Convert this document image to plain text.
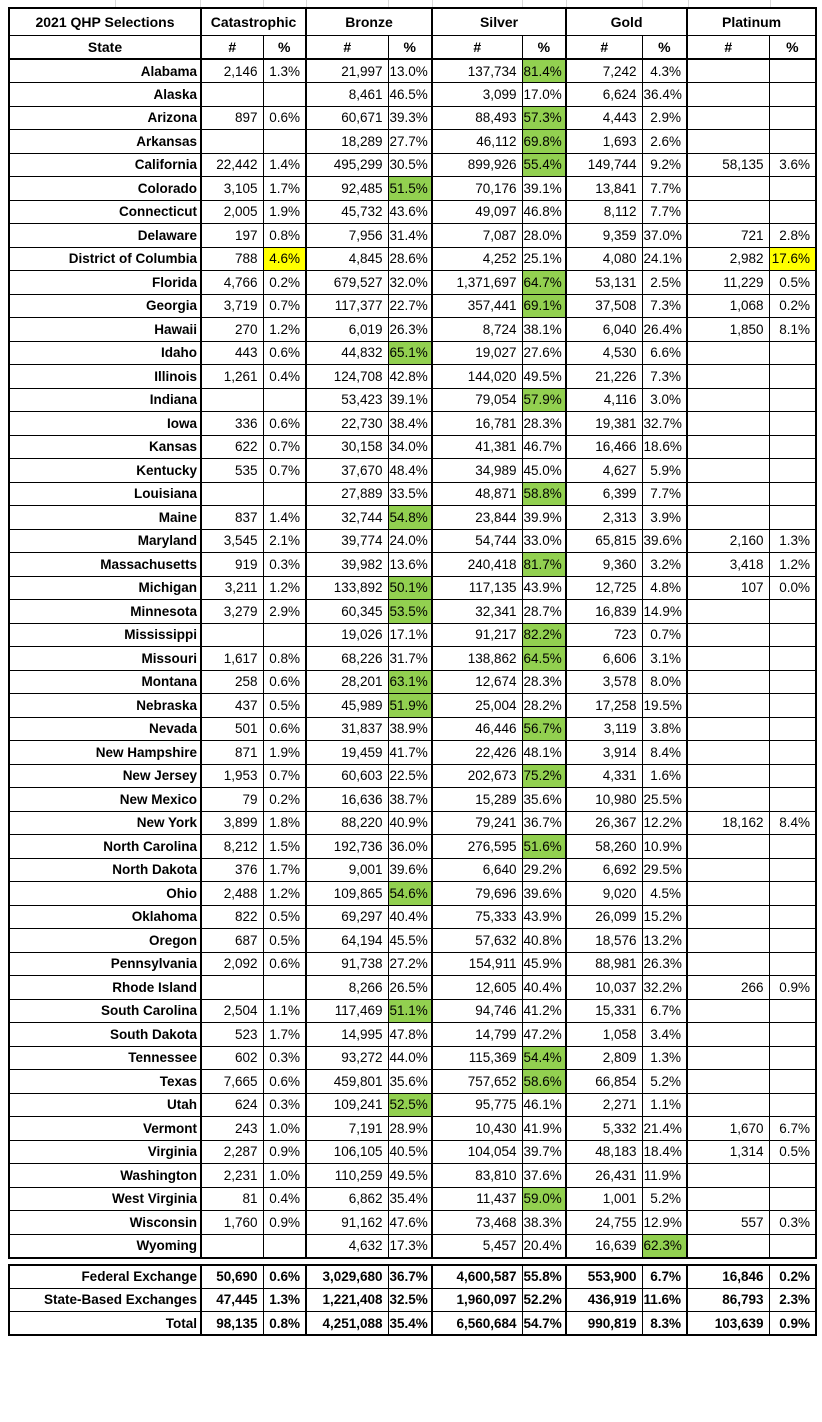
2021 QHP Selections	Catastrophic		Bronze		Silver		Gold		Platinum	
State	#	%	#	%	#	%	#	%	#	%
Alabama	2,146	1.3%	21,997	13.0%	137,734	81.4%	7,242	4.3%		
Alaska			8,461	46.5%	3,099	17.0%	6,624	36.4%		
Arizona	897	0.6%	60,671	39.3%	88,493	57.3%	4,443	2.9%		
Arkansas			18,289	27.7%	46,112	69.8%	1,693	2.6%		
California	22,442	1.4%	495,299	30.5%	899,926	55.4%	149,744	9.2%	58,135	3.6%
Colorado	3,105	1.7%	92,485	51.5%	70,176	39.1%	13,841	7.7%		
Connecticut	2,005	1.9%	45,732	43.6%	49,097	46.8%	8,112	7.7%		
Delaware	197	0.8%	7,956	31.4%	7,087	28.0%	9,359	37.0%	721	2.8%
District of Columbia	788	4.6%	4,845	28.6%	4,252	25.1%	4,080	24.1%	2,982	17.6%
Florida	4,766	0.2%	679,527	32.0%	1,371,697	64.7%	53,131	2.5%	11,229	0.5%
Georgia	3,719	0.7%	117,377	22.7%	357,441	69.1%	37,508	7.3%	1,068	0.2%
Hawaii	270	1.2%	6,019	26.3%	8,724	38.1%	6,040	26.4%	1,850	8.1%
Idaho	443	0.6%	44,832	65.1%	19,027	27.6%	4,530	6.6%		
Illinois	1,261	0.4%	124,708	42.8%	144,020	49.5%	21,226	7.3%		
Indiana			53,423	39.1%	79,054	57.9%	4,116	3.0%		
Iowa	336	0.6%	22,730	38.4%	16,781	28.3%	19,381	32.7%		
Kansas	622	0.7%	30,158	34.0%	41,381	46.7%	16,466	18.6%		
Kentucky	535	0.7%	37,670	48.4%	34,989	45.0%	4,627	5.9%		
Louisiana			27,889	33.5%	48,871	58.8%	6,399	7.7%		
Maine	837	1.4%	32,744	54.8%	23,844	39.9%	2,313	3.9%		
Maryland	3,545	2.1%	39,774	24.0%	54,744	33.0%	65,815	39.6%	2,160	1.3%
Massachusetts	919	0.3%	39,982	13.6%	240,418	81.7%	9,360	3.2%	3,418	1.2%
Michigan	3,211	1.2%	133,892	50.1%	117,135	43.9%	12,725	4.8%	107	0.0%
Minnesota	3,279	2.9%	60,345	53.5%	32,341	28.7%	16,839	14.9%		
Mississippi			19,026	17.1%	91,217	82.2%	723	0.7%		
Missouri	1,617	0.8%	68,226	31.7%	138,862	64.5%	6,606	3.1%		
Montana	258	0.6%	28,201	63.1%	12,674	28.3%	3,578	8.0%		
Nebraska	437	0.5%	45,989	51.9%	25,004	28.2%	17,258	19.5%		
Nevada	501	0.6%	31,837	38.9%	46,446	56.7%	3,119	3.8%		
New Hampshire	871	1.9%	19,459	41.7%	22,426	48.1%	3,914	8.4%		
New Jersey	1,953	0.7%	60,603	22.5%	202,673	75.2%	4,331	1.6%		
New Mexico	79	0.2%	16,636	38.7%	15,289	35.6%	10,980	25.5%		
New York	3,899	1.8%	88,220	40.9%	79,241	36.7%	26,367	12.2%	18,162	8.4%
North Carolina	8,212	1.5%	192,736	36.0%	276,595	51.6%	58,260	10.9%		
North Dakota	376	1.7%	9,001	39.6%	6,640	29.2%	6,692	29.5%		
Ohio	2,488	1.2%	109,865	54.6%	79,696	39.6%	9,020	4.5%		
Oklahoma	822	0.5%	69,297	40.4%	75,333	43.9%	26,099	15.2%		
Oregon	687	0.5%	64,194	45.5%	57,632	40.8%	18,576	13.2%		
Pennsylvania	2,092	0.6%	91,738	27.2%	154,911	45.9%	88,981	26.3%		
Rhode Island			8,266	26.5%	12,605	40.4%	10,037	32.2%	266	0.9%
South Carolina	2,504	1.1%	117,469	51.1%	94,746	41.2%	15,331	6.7%		
South Dakota	523	1.7%	14,995	47.8%	14,799	47.2%	1,058	3.4%		
Tennessee	602	0.3%	93,272	44.0%	115,369	54.4%	2,809	1.3%		
Texas	7,665	0.6%	459,801	35.6%	757,652	58.6%	66,854	5.2%		
Utah	624	0.3%	109,241	52.5%	95,775	46.1%	2,271	1.1%		
Vermont	243	1.0%	7,191	28.9%	10,430	41.9%	5,332	21.4%	1,670	6.7%
Virginia	2,287	0.9%	106,105	40.5%	104,054	39.7%	48,183	18.4%	1,314	0.5%
Washington	2,231	1.0%	110,259	49.5%	83,810	37.6%	26,431	11.9%		
West Virginia	81	0.4%	6,862	35.4%	11,437	59.0%	1,001	5.2%		
Wisconsin	1,760	0.9%	91,162	47.6%	73,468	38.3%	24,755	12.9%	557	0.3%
Wyoming			4,632	17.3%	5,457	20.4%	16,639	62.3%		
Federal Exchange	50,690	0.6%	3,029,680	36.7%	4,600,587	55.8%	553,900	6.7%	16,846	0.2%
State-Based Exchanges	47,445	1.3%	1,221,408	32.5%	1,960,097	52.2%	436,919	11.6%	86,793	2.3%
Total	98,135	0.8%	4,251,088	35.4%	6,560,684	54.7%	990,819	8.3%	103,639	0.9%
